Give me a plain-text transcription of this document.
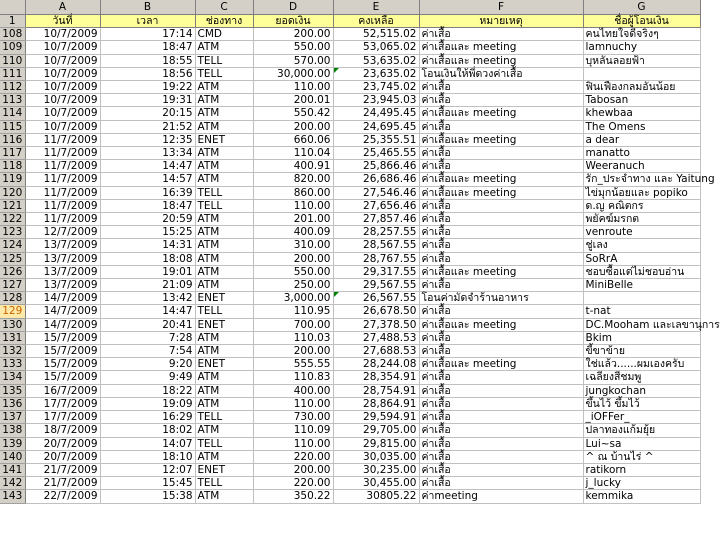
	A	B	C	D	E	F	G
1	วันที่	เวลา	ช่องทาง	ยอดเงิน	คงเหลือ	หมายเหตุ	ชื่อผู้โอนเงิน
108	10/7/2009	17:14	CMD	200.00	52,515.02	ค่าเสื้อ	คนไทยใจดีจริงๆ
109	10/7/2009	18:47	ATM	550.00	53,065.02	ค่าเสื้อและ meeting	lamnuchy
110	10/7/2009	18:55	TELL	570.00	53,635.02	ค่าเสื้อและ meeting	บุหลันลอยฟ้า
111	10/7/2009	18:56	TELL	30,000.00	23,635.02	โอนเงินให้พี่ดวงค่าเสื้อ	
112	10/7/2009	19:22	ATM	110.00	23,745.02	ค่าเสื้อ	ฟินเฟืองกลมอันน้อย
113	10/7/2009	19:31	ATM	200.01	23,945.03	ค่าเสื้อ	Tabosan
114	10/7/2009	20:15	ATM	550.42	24,495.45	ค่าเสื้อและ meeting	khewbaa
115	10/7/2009	21:52	ATM	200.00	24,695.45	ค่าเสื้อ	The Omens
116	11/7/2009	12:35	ENET	660.06	25,355.51	ค่าเสื้อและ meeting	a dear
117	11/7/2009	13:34	ATM	110.04	25,465.55	ค่าเสื้อ	manatto
118	11/7/2009	14:47	ATM	400.91	25,866.46	ค่าเสื้อ	Weeranuch
119	11/7/2009	14:57	ATM	820.00	26,686.46	ค่าเสื้อและ meeting	รัก_ประจำทาง และ Yaitung
120	11/7/2009	16:39	TELL	860.00	27,546.46	ค่าเสื้อและ meeting	ไข่มุกน้อยและ popiko
121	11/7/2009	18:47	TELL	110.00	27,656.46	ค่าเสื้อ	ด.ญ คณิตกร
122	11/7/2009	20:59	ATM	201.00	27,857.46	ค่าเสื้อ	พยัคฆ์มรกต
123	12/7/2009	15:25	ATM	400.09	28,257.55	ค่าเสื้อ	venroute
124	13/7/2009	14:31	ATM	310.00	28,567.55	ค่าเสื้อ	ชู่เลง
125	13/7/2009	18:08	ATM	200.00	28,767.55	ค่าเสื้อ	SoRrA
126	13/7/2009	19:01	ATM	550.00	29,317.55	ค่าเสื้อและ meeting	ชอบซื้อแต่ไม่ชอบอ่าน
127	13/7/2009	21:09	ATM	250.00	29,567.55	ค่าเสื้อ	MiniBelle
128	14/7/2009	13:42	ENET	3,000.00	26,567.55	โอนค่ามัดจำร้านอาหาร	
129	14/7/2009	14:47	TELL	110.95	26,678.50	ค่าเสื้อ	t-nat
130	14/7/2009	20:41	ENET	700.00	27,378.50	ค่าเสื้อและ meeting	DC.Mooham และเลขานุการ
131	15/7/2009	7:28	ATM	110.03	27,488.53	ค่าเสื้อ	Bkim
132	15/7/2009	7:54	ATM	200.00	27,688.53	ค่าเสื้อ	ขี้ขาข้าย
133	15/7/2009	9:20	ENET	555.55	28,244.08	ค่าเสื้อและ meeting	ใช่แล้ว......ผมเองครับ
134	15/7/2009	9:49	ATM	110.83	28,354.91	ค่าเสื้อ	เฉลียงสีชมพู
135	16/7/2009	18:22	ATM	400.00	28,754.91	ค่าเสื้อ	jungkochan
136	17/7/2009	19:09	ATM	110.00	28,864.91	ค่าเสื้อ	ขึ้นไว้ ขึ้มไว้
137	17/7/2009	16:29	TELL	730.00	29,594.91	ค่าเสื้อ	_iOFFer_
138	18/7/2009	18:02	ATM	110.09	29,705.00	ค่าเสื้อ	ปลาทองแก้มยุ้ย
139	20/7/2009	14:07	TELL	110.00	29,815.00	ค่าเสื้อ	Lui~sa
140	20/7/2009	18:10	ATM	220.00	30,035.00	ค่าเสื้อ	^ ณ บ้านไร่ ^
141	21/7/2009	12:07	ENET	200.00	30,235.00	ค่าเสื้อ	ratikorn
142	21/7/2009	15:45	TELL	220.00	30,455.00	ค่าเสื้อ	j_lucky
143	22/7/2009	15:38	ATM	350.22	30805.22	ค่าmeeting	kemmika
